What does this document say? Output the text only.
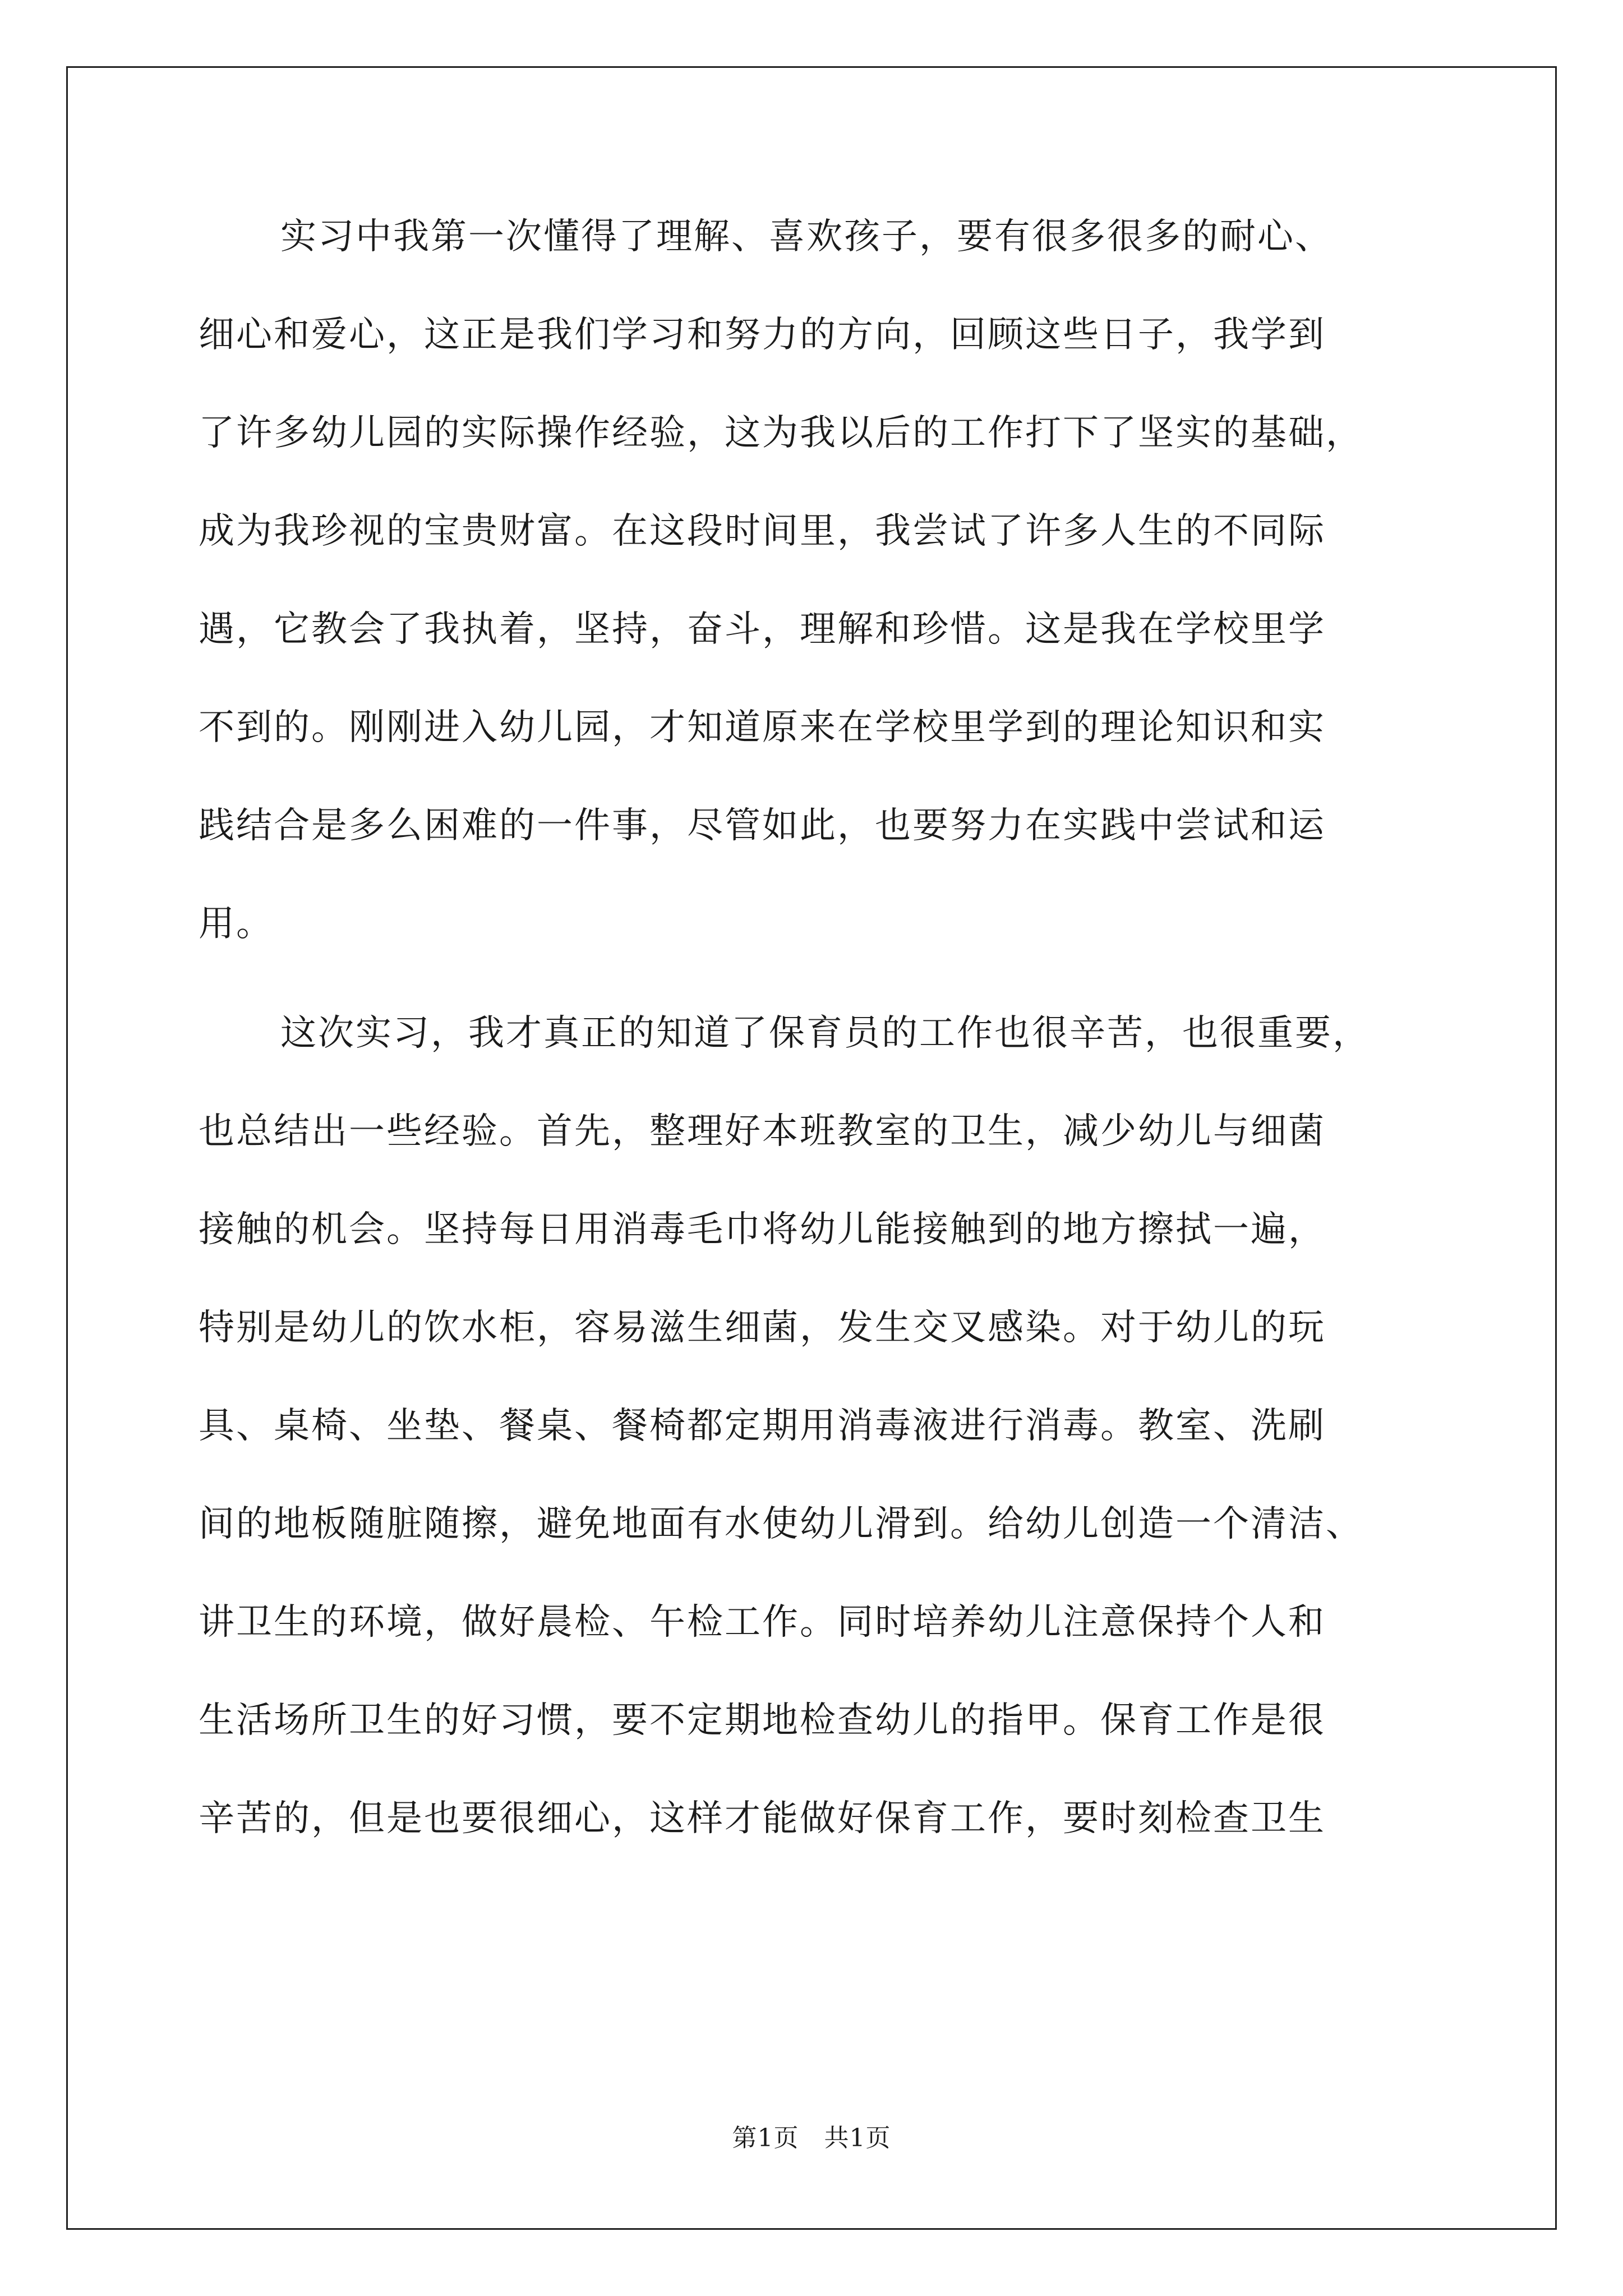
实习中我第一次懂得了理解、喜欢孩子，要有很多很多的耐心、
细心和爱心，这正是我们学习和努力的方向，回顾这些日子，我学到
了许多幼儿园的实际操作经验，这为我以后的工作打下了坚实的基础，
成为我珍视的宝贵财富。在这段时间里，我尝试了许多人生的不同际
遇，它教会了我执着，坚持，奋斗，理解和珍惜。这是我在学校里学
不到的。刚刚进入幼儿园，才知道原来在学校里学到的理论知识和实
践结合是多么困难的一件事，尽管如此，也要努力在实践中尝试和运
用。
这次实习，我才真正的知道了保育员的工作也很辛苦，也很重要，
也总结出一些经验。首先，整理好本班教室的卫生，减少幼儿与细菌
接触的机会。坚持每日用消毒毛巾将幼儿能接触到的地方擦拭一遍，
特别是幼儿的饮水柜，容易滋生细菌，发生交叉感染。对于幼儿的玩
具、桌椅、坐垫、餐桌、餐椅都定期用消毒液进行消毒。教室、洗刷
间的地板随脏随擦，避免地面有水使幼儿滑到。给幼儿创造一个清洁、
讲卫生的环境，做好晨检、午检工作。同时培养幼儿注意保持个人和
生活场所卫生的好习惯，要不定期地检查幼儿的指甲。保育工作是很
辛苦的，但是也要很细心，这样才能做好保育工作，要时刻检查卫生
第1页　共1页
